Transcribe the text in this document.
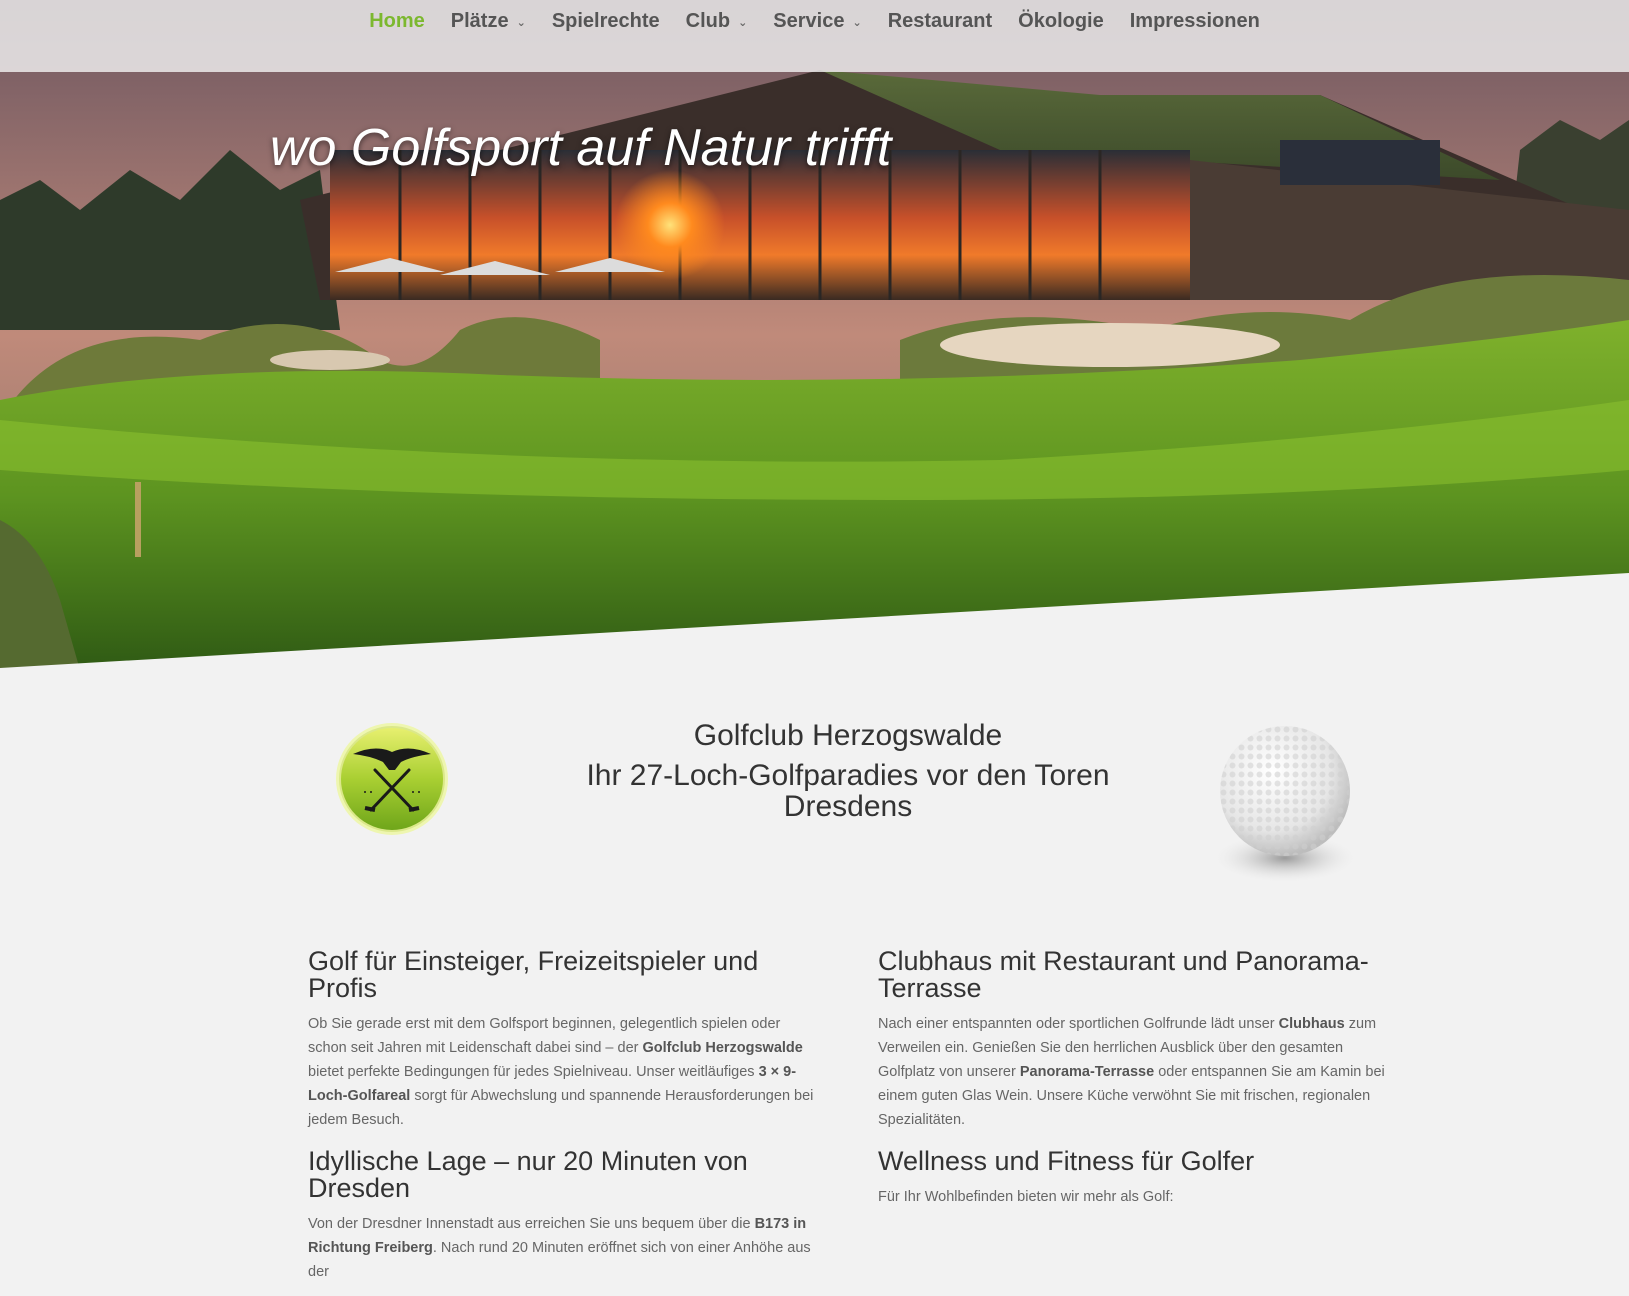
Home Plätze ⌄ Spielrechte Club ⌄ Service ⌄ Restaurant Ökologie Impressionen
wo Golfsport auf Natur trifft
Golfclub Herzogswalde
Ihr 27-Loch-Golfparadies vor den Toren Dresdens
Golf für Einsteiger, Freizeitspieler und Profis

Ob Sie gerade erst mit dem Golfsport beginnen, gelegentlich spielen oder schon seit Jahren mit Leidenschaft dabei sind – der Golfclub Herzogswalde bietet perfekte Bedingungen für jedes Spielniveau. Unser weitläufiges 3 × 9-Loch-Golfareal sorgt für Abwechslung und spannende Herausforderungen bei jedem Besuch.

Idyllische Lage – nur 20 Minuten von Dresden

Von der Dresdner Innenstadt aus erreichen Sie uns bequem über die B173 in Richtung Freiberg. Nach rund 20 Minuten eröffnet sich von einer Anhöhe aus der

Clubhaus mit Restaurant und Panorama-Terrasse

Nach einer entspannten oder sportlichen Golfrunde lädt unser Clubhaus zum Verweilen ein. Genießen Sie den herrlichen Ausblick über den gesamten Golfplatz von unserer Panorama-Terrasse oder entspannen Sie am Kamin bei einem guten Glas Wein. Unsere Küche verwöhnt Sie mit frischen, regionalen Spezialitäten.

Wellness und Fitness für Golfer

Für Ihr Wohlbefinden bieten wir mehr als Golf:
